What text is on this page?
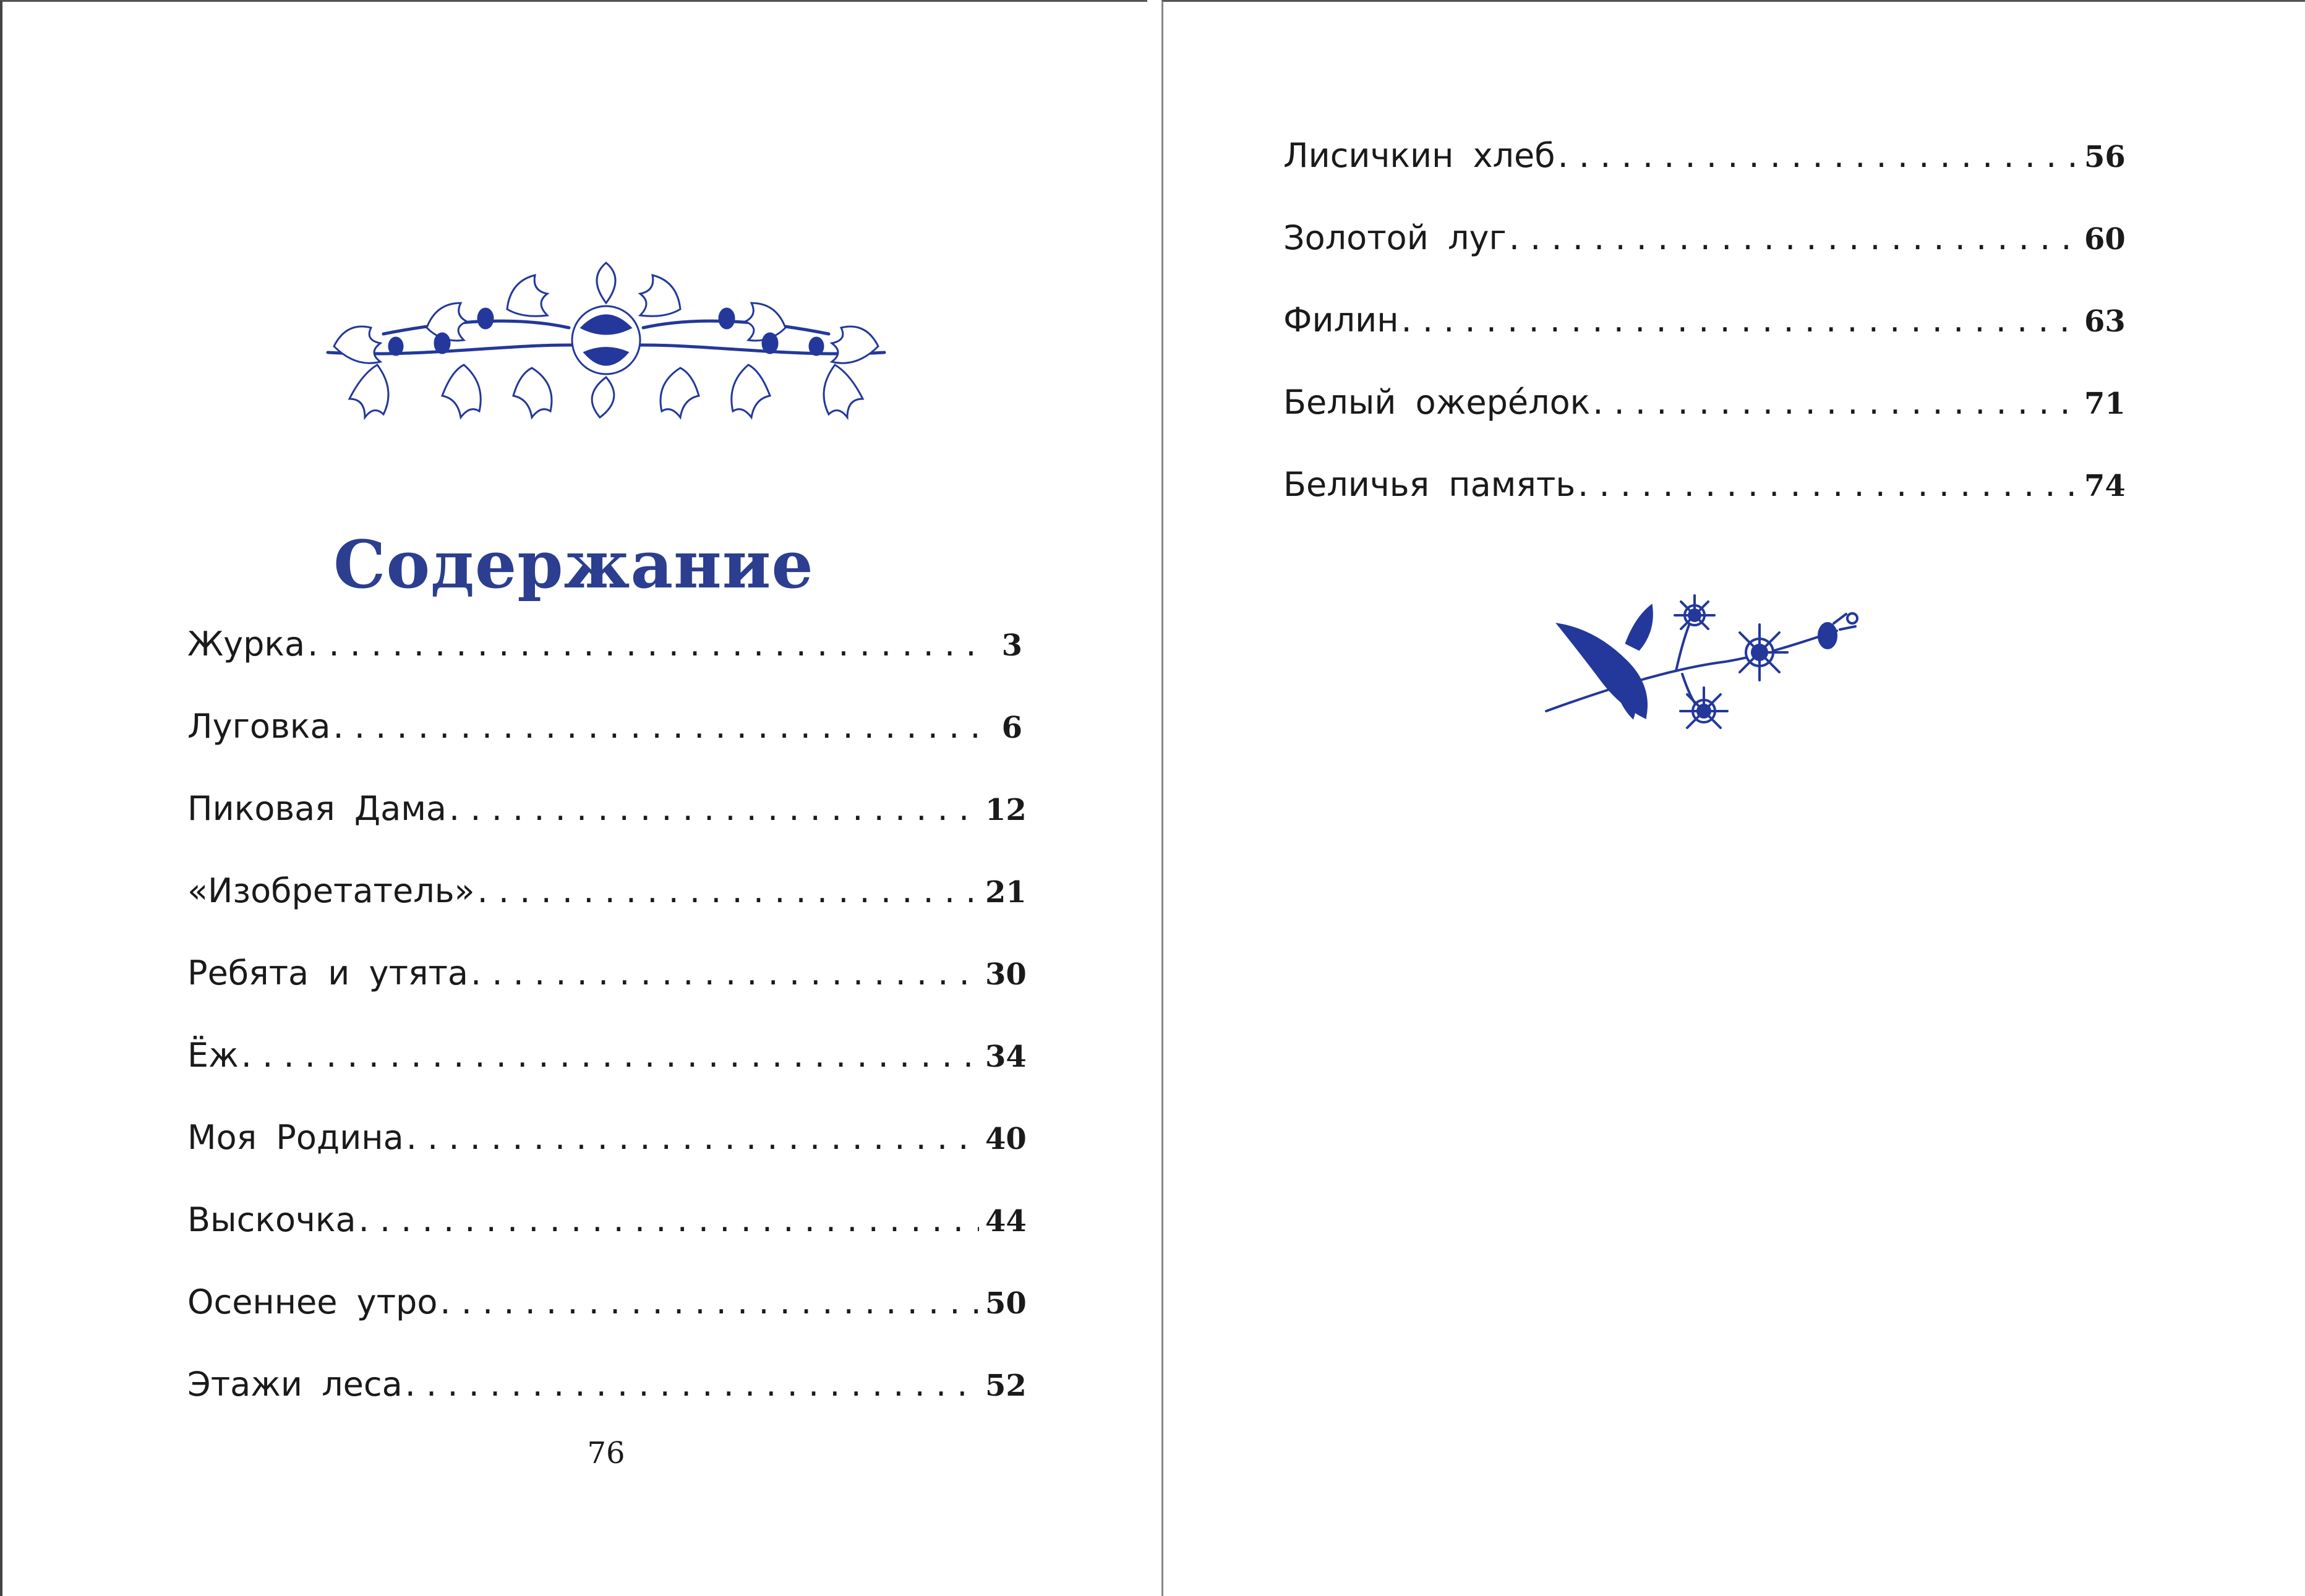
Содержание
Журка . . .	3
Луговка . . .	6
Пиковая Дама . . .	12
«Изобретатель» . . .	21
Ребята и утята . . .	30
Ёж . . .	34
Моя Родина . . .	40
Выскочка . . .	44
Осеннее утро . . .	50
Этажи леса . . .	52
76
Лисичкин хлеб . . .	56
Золотой луг . . .	60
Филин . . .	63
Белый ожерéлок . . .	71
Беличья память . . .	74
